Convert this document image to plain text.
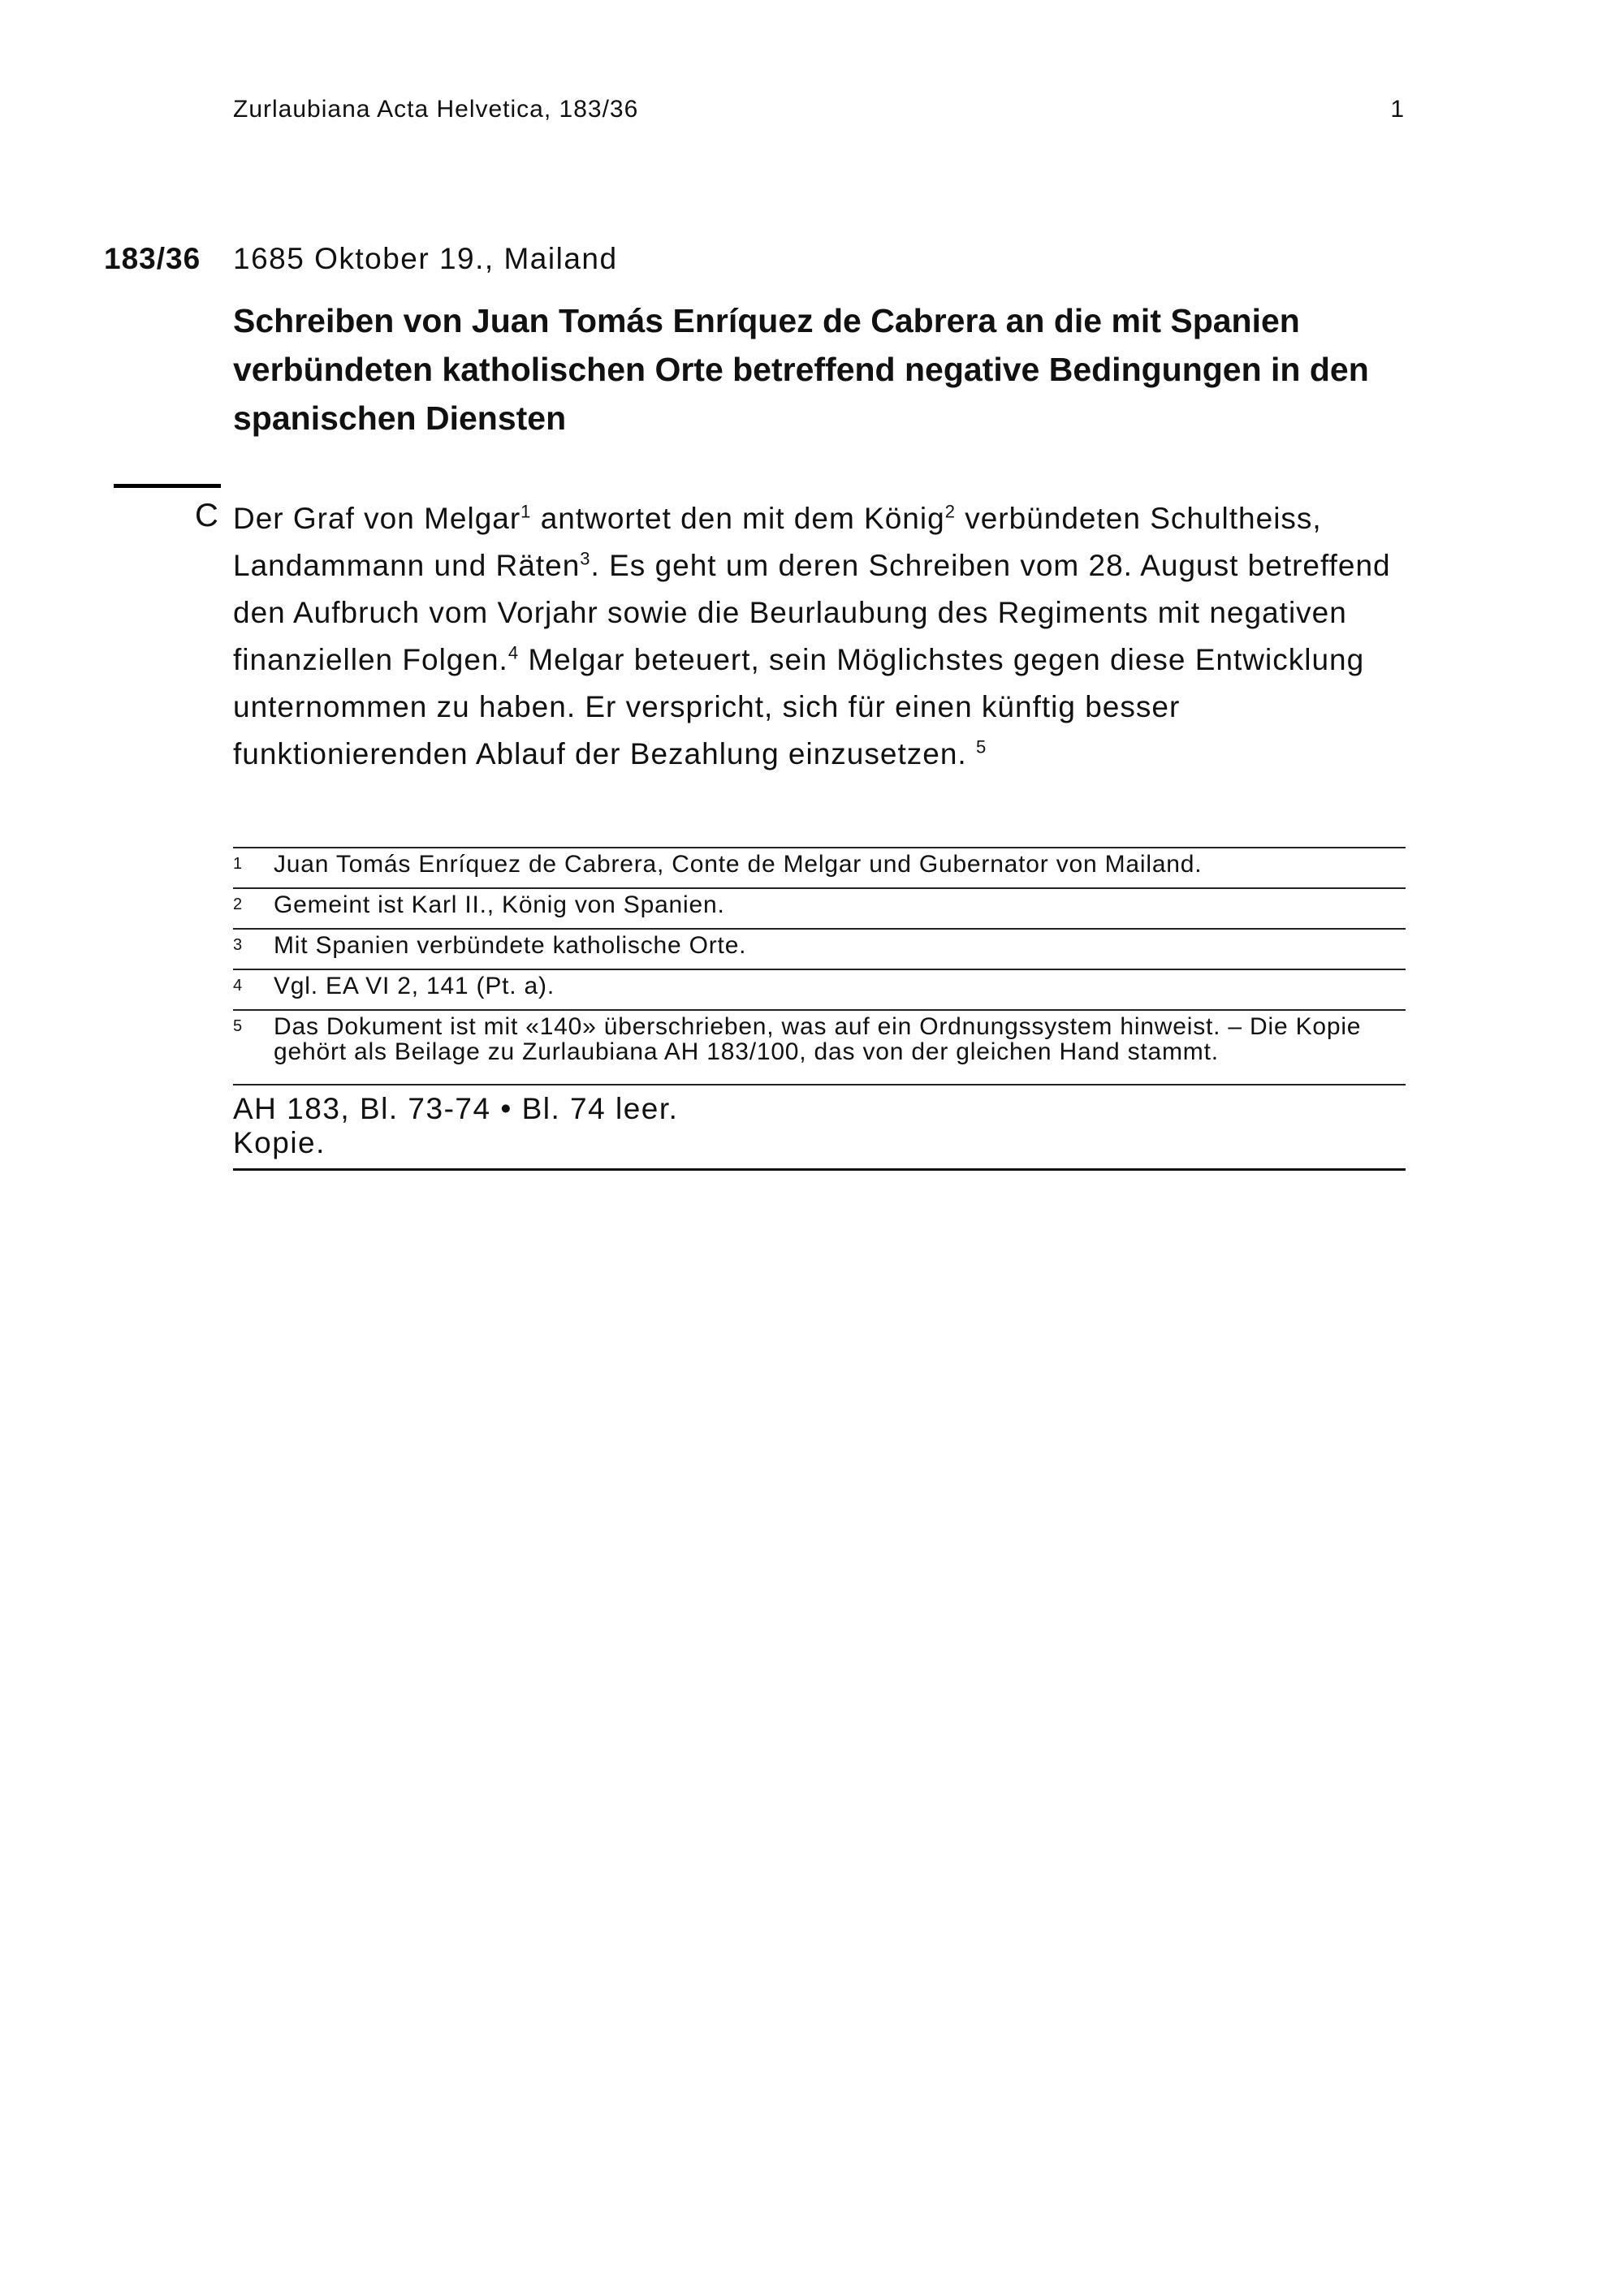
Zurlaubiana Acta Helvetica, 183/36	1
183/36 1685 Oktober 19., Mailand
Schreiben von Juan Tomás Enríquez de Cabrera an die mit Spanien verbündeten katholischen Orte betreffend negative Bedingungen in den spanischen Diensten
C Der Graf von Melgar$^1$ antwortet den mit dem König$^2$ verbündeten Schultheiss, Landammann und Räten$^3$. Es geht um deren Schreiben vom 28. August betreffend den Aufbruch vom Vorjahr sowie die Beurlaubung des Regiments mit negativen finanziellen Folgen.$^4$ Melgar beteuert, sein Möglichstes gegen diese Entwicklung unternommen zu haben. Er verspricht, sich für einen künftig besser funktionierenden Ablauf der Bezahlung einzusetzen. $^5$

1 Juan Tomás Enríquez de Cabrera, Conte de Melgar und Gubernator von Mailand.
2 Gemeint ist Karl II., König von Spanien.
3 Mit Spanien verbündete katholische Orte.
4 Vgl. EA VI 2, 141 (Pt. a).
5 Das Dokument ist mit «140» überschrieben, was auf ein Ordnungssystem hinweist. – Die Kopie gehört als Beilage zu Zurlaubiana AH 183/100, das von der gleichen Hand stammt.
AH 183, Bl. 73-74 • Bl. 74 leer.
Kopie.
